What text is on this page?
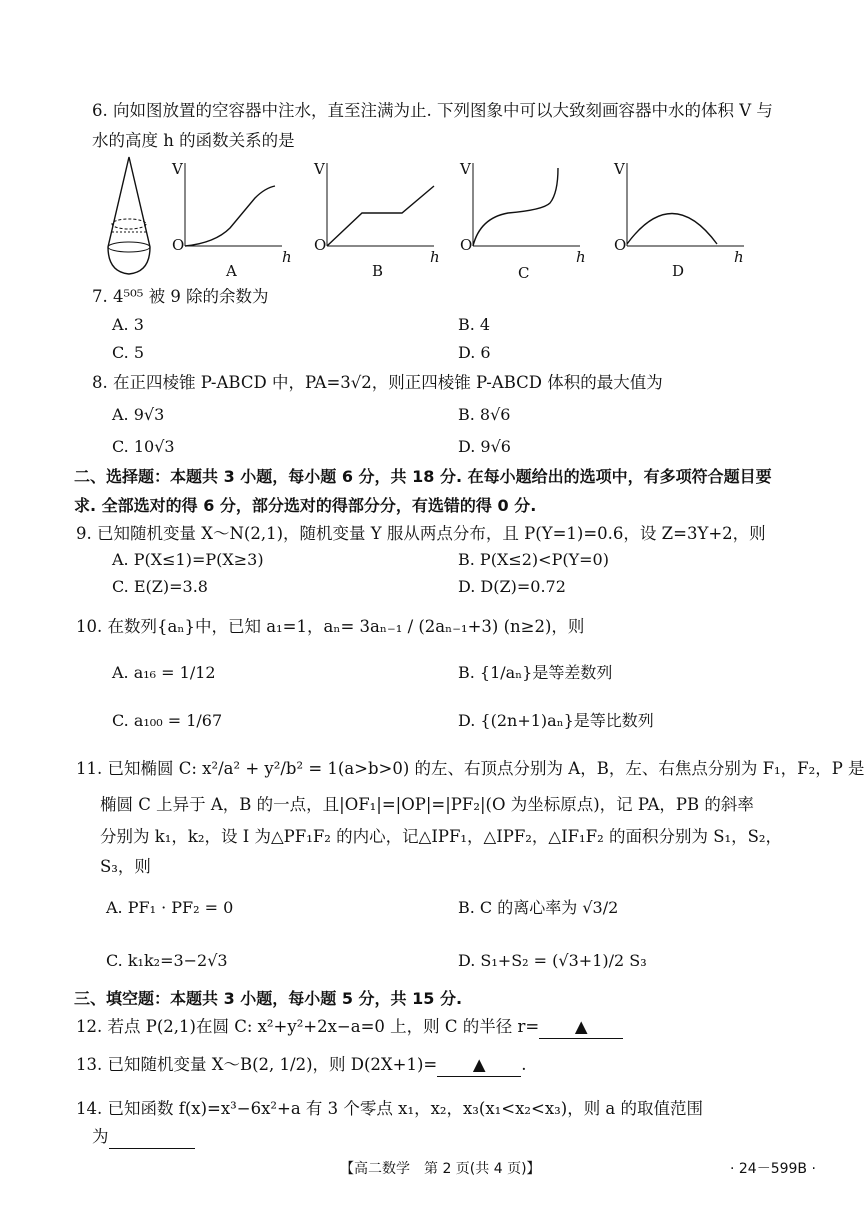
6. 向如图放置的空容器中注水，直至注满为止. 下列图象中可以大致刻画容器中水的体积 V 与
水的高度 h 的函数关系的是
V
O
h
A
V
O
h
B
V
O
h
C
V
O
h
D
7. 4⁵⁰⁵ 被 9 除的余数为
A. 3	B. 4
C. 5	D. 6
8. 在正四棱锥 P-ABCD 中，PA=3√2，则正四棱锥 P-ABCD 体积的最大值为
A. 9√3	B. 8√6
C. 10√3	D. 9√6
二、选择题：本题共 3 小题，每小题 6 分，共 18 分. 在每小题给出的选项中，有多项符合题目要
求. 全部选对的得 6 分，部分选对的得部分分，有选错的得 0 分.
9. 已知随机变量 X～N(2,1)，随机变量 Y 服从两点分布，且 P(Y=1)=0.6，设 Z=3Y+2，则
A. P(X≤1)=P(X≥3)	B. P(X≤2)<P(Y=0)
C. E(Z)=3.8	D. D(Z)=0.72
10. 在数列{aₙ}中，已知 a₁=1，aₙ= 3aₙ₋₁ / (2aₙ₋₁+3) (n≥2)，则
A. a₁₆ = 1/12	B. {1/aₙ}是等差数列
C. a₁₀₀ = 1/67	D. {(2n+1)aₙ}是等比数列
11. 已知椭圆 C: x²/a² + y²/b² = 1(a>b>0) 的左、右顶点分别为 A，B，左、右焦点分别为 F₁，F₂，P 是
椭圆 C 上异于 A，B 的一点，且|OF₁|=|OP|=|PF₂|(O 为坐标原点)，记 PA，PB 的斜率
分别为 k₁，k₂，设 I 为△PF₁F₂ 的内心，记△IPF₁，△IPF₂，△IF₁F₂ 的面积分别为 S₁，S₂，
S₃，则
A. PF₁ · PF₂ = 0	B. C 的离心率为 √3/2
C. k₁k₂=3−2√3	D. S₁+S₂ = (√3+1)/2 S₃
三、填空题：本题共 3 小题，每小题 5 分，共 15 分.
12. 若点 P(2,1)在圆 C: x²+y²+2x−a=0 上，则 C 的半径 r= ▲
13. 已知随机变量 X～B(2, 1/2)，则 D(2X+1)= ▲ .
14. 已知函数 f(x)=x³−6x²+a 有 3 个零点 x₁，x₂，x₃(x₁<x₂<x₃)，则 a 的取值范围
为
【高二数学　第 2 页(共 4 页)】	· 24－599B ·
